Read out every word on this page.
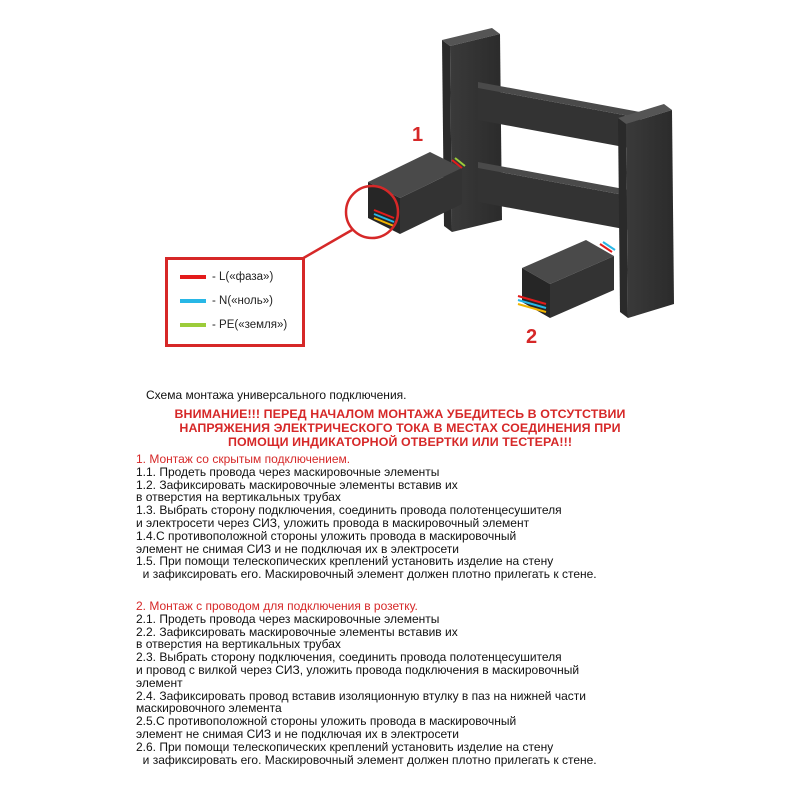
1
2
- L(«фаза»)
- N(«ноль»)
- PE(«земля»)
Схема монтажа универсального подключения.
ВНИМАНИЕ!!! ПЕРЕД НАЧАЛОМ МОНТАЖА УБЕДИТЕСЬ В ОТСУТСТВИИ
НАПРЯЖЕНИЯ ЭЛЕКТРИЧЕСКОГО ТОКА В МЕСТАХ СОЕДИНЕНИЯ ПРИ
ПОМОЩИ ИНДИКАТОРНОЙ ОТВЕРТКИ ИЛИ ТЕСТЕРА!!!

1. Монтаж со скрытым подключением.

1.1. Продеть провода через маскировочные элементы

1.2. Зафиксировать маскировочные элементы вставив их

в отверстия на вертикальных трубах

1.3. Выбрать сторону подключения, соединить провода полотенцесушителя

и электросети через СИЗ, уложить провода в маскировочный элемент

1.4.С противоположной стороны уложить провода в маскировочный

элемент не снимая СИЗ и не подключая их в электросети

1.5. При помощи телескопических креплений установить изделие на стену

и зафиксировать его. Маскировочный элемент должен плотно прилегать к стене.

2. Монтаж с проводом для подключения в розетку.

2.1. Продеть провода через маскировочные элементы

2.2. Зафиксировать маскировочные элементы вставив их

в отверстия на вертикальных трубах

2.3. Выбрать сторону подключения, соединить провода полотенцесушителя

и провод с вилкой через СИЗ, уложить провода подключения в маскировочный

элемент

2.4. Зафиксировать провод вставив изоляционную втулку в паз на нижней части

маскировочного элемента

2.5.С противоположной стороны уложить провода в маскировочный

элемент не снимая СИЗ и не подключая их в электросети

2.6. При помощи телескопических креплений установить изделие на стену

и зафиксировать его. Маскировочный элемент должен плотно прилегать к стене.
